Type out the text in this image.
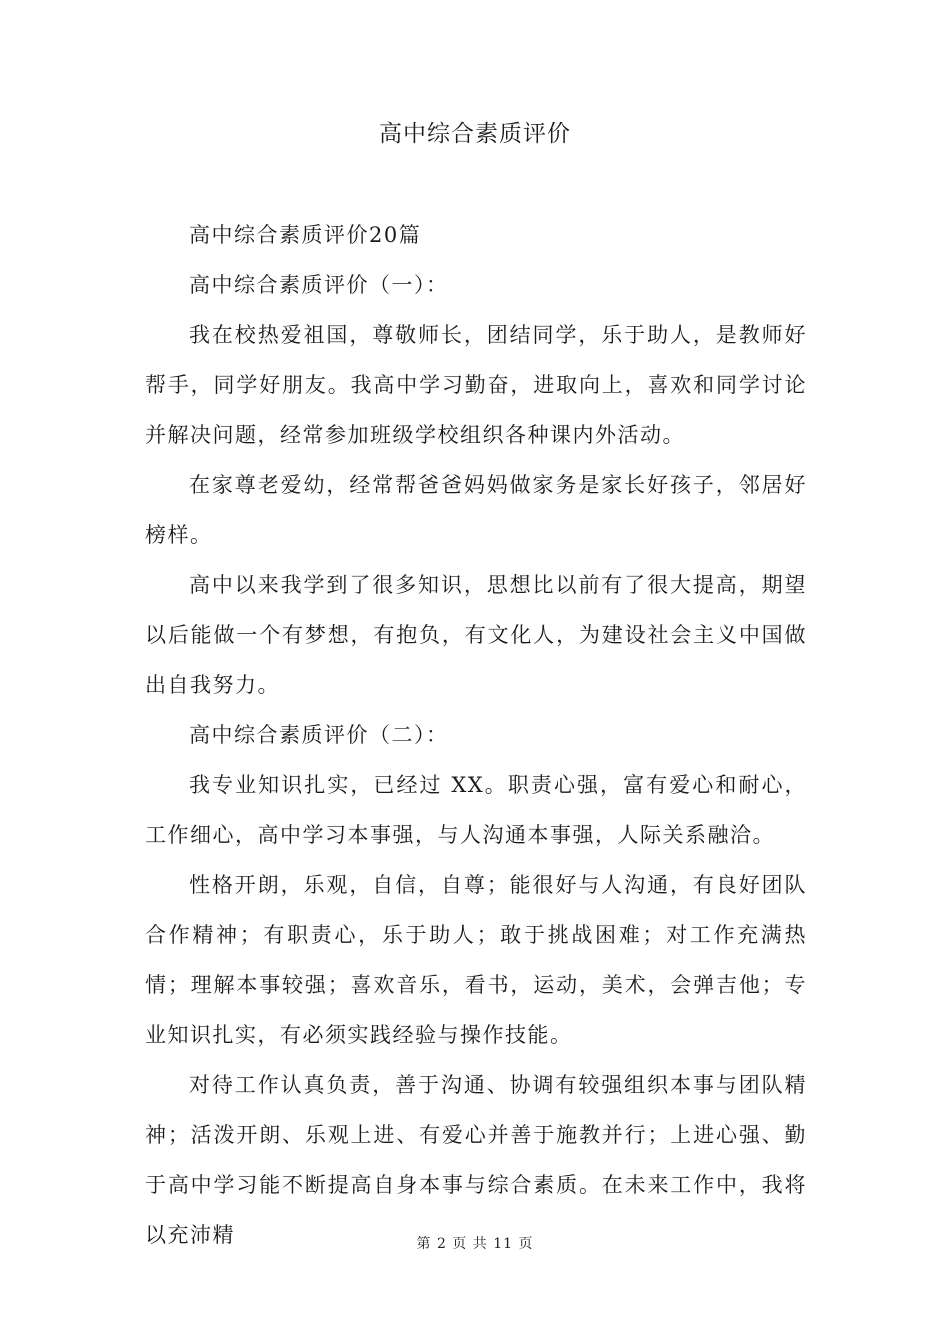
高中综合素质评价

高中综合素质评价20篇

高中综合素质评价（一）：

我在校热爱祖国，尊敬师长，团结同学，乐于助人，是教师好帮手，同学好朋友。我高中学习勤奋，进取向上，喜欢和同学讨论并解决问题，经常参加班级学校组织各种课内外活动。

在家尊老爱幼，经常帮爸爸妈妈做家务是家长好孩子，邻居好榜样。

高中以来我学到了很多知识，思想比以前有了很大提高，期望以后能做一个有梦想，有抱负，有文化人，为建设社会主义中国做出自我努力。

高中综合素质评价（二）：

我专业知识扎实，已经过 XX。职责心强，富有爱心和耐心，工作细心，高中学习本事强，与人沟通本事强，人际关系融洽。

性格开朗，乐观，自信，自尊；能很好与人沟通，有良好团队合作精神；有职责心，乐于助人；敢于挑战困难；对工作充满热情；理解本事较强；喜欢音乐，看书，运动，美术，会弹吉他；专业知识扎实，有必须实践经验与操作技能。

对待工作认真负责，善于沟通、协调有较强组织本事与团队精神；活泼开朗、乐观上进、有爱心并善于施教并行；上进心强、勤于高中学习能不断提高自身本事与综合素质。在未来工作中，我将以充沛精	第 2 页 共 11 页
